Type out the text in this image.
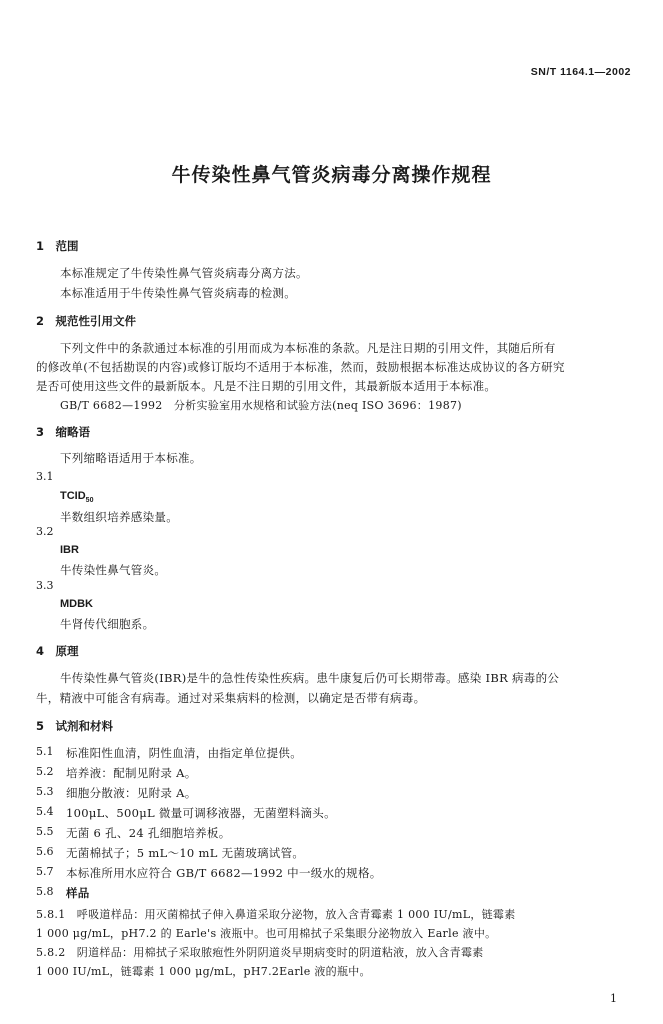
SN/T 1164.1—2002
牛传染性鼻气管炎病毒分离操作规程
1　范围
本标准规定了牛传染性鼻气管炎病毒分离方法。
本标准适用于牛传染性鼻气管炎病毒的检测。
2　规范性引用文件
下列文件中的条款通过本标准的引用而成为本标准的条款。凡是注日期的引用文件，其随后所有
的修改单(不包括勘误的内容)或修订版均不适用于本标准，然而，鼓励根据本标准达成协议的各方研究
是否可使用这些文件的最新版本。凡是不注日期的引用文件，其最新版本适用于本标准。
GB/T 6682—1992　分析实验室用水规格和试验方法(neq ISO 3696：1987)
3　缩略语
下列缩略语适用于本标准。
3.1
$TCID_{50}$
半数组织培养感染量。
3.2
IBR
牛传染性鼻气管炎。
3.3
MDBK
牛肾传代细胞系。
4　原理
牛传染性鼻气管炎(IBR)是牛的急性传染性疾病。患牛康复后仍可长期带毒。感染 IBR 病毒的公
牛，精液中可能含有病毒。通过对采集病料的检测，以确定是否带有病毒。
5　试剂和材料
5.1 标准阳性血清，阴性血清，由指定单位提供。
5.2 培养液：配制见附录 A。
5.3 细胞分散液：见附录 A。
5.4 100μL、500μL 微量可调移液器，无菌塑料滴头。
5.5 无菌 6 孔、24 孔细胞培养板。
5.6 无菌棉拭子；5 mL～10 mL 无菌玻璃试管。
5.7 本标准所用水应符合 GB/T 6682—1992 中一级水的规格。
5.8 样品
5.8.1　呼吸道样品：用灭菌棉拭子伸入鼻道采取分泌物，放入含青霉素 1 000 IU/mL，链霉素
1 000 μg/mL，pH7.2 的 Earle's 液瓶中。也可用棉拭子采集眼分泌物放入 Earle 液中。
5.8.2　阴道样品：用棉拭子采取脓疱性外阴阴道炎早期病变时的阴道粘液，放入含青霉素
1 000 IU/mL，链霉素 1 000 μg/mL，pH7.2Earle 液的瓶中。
1
